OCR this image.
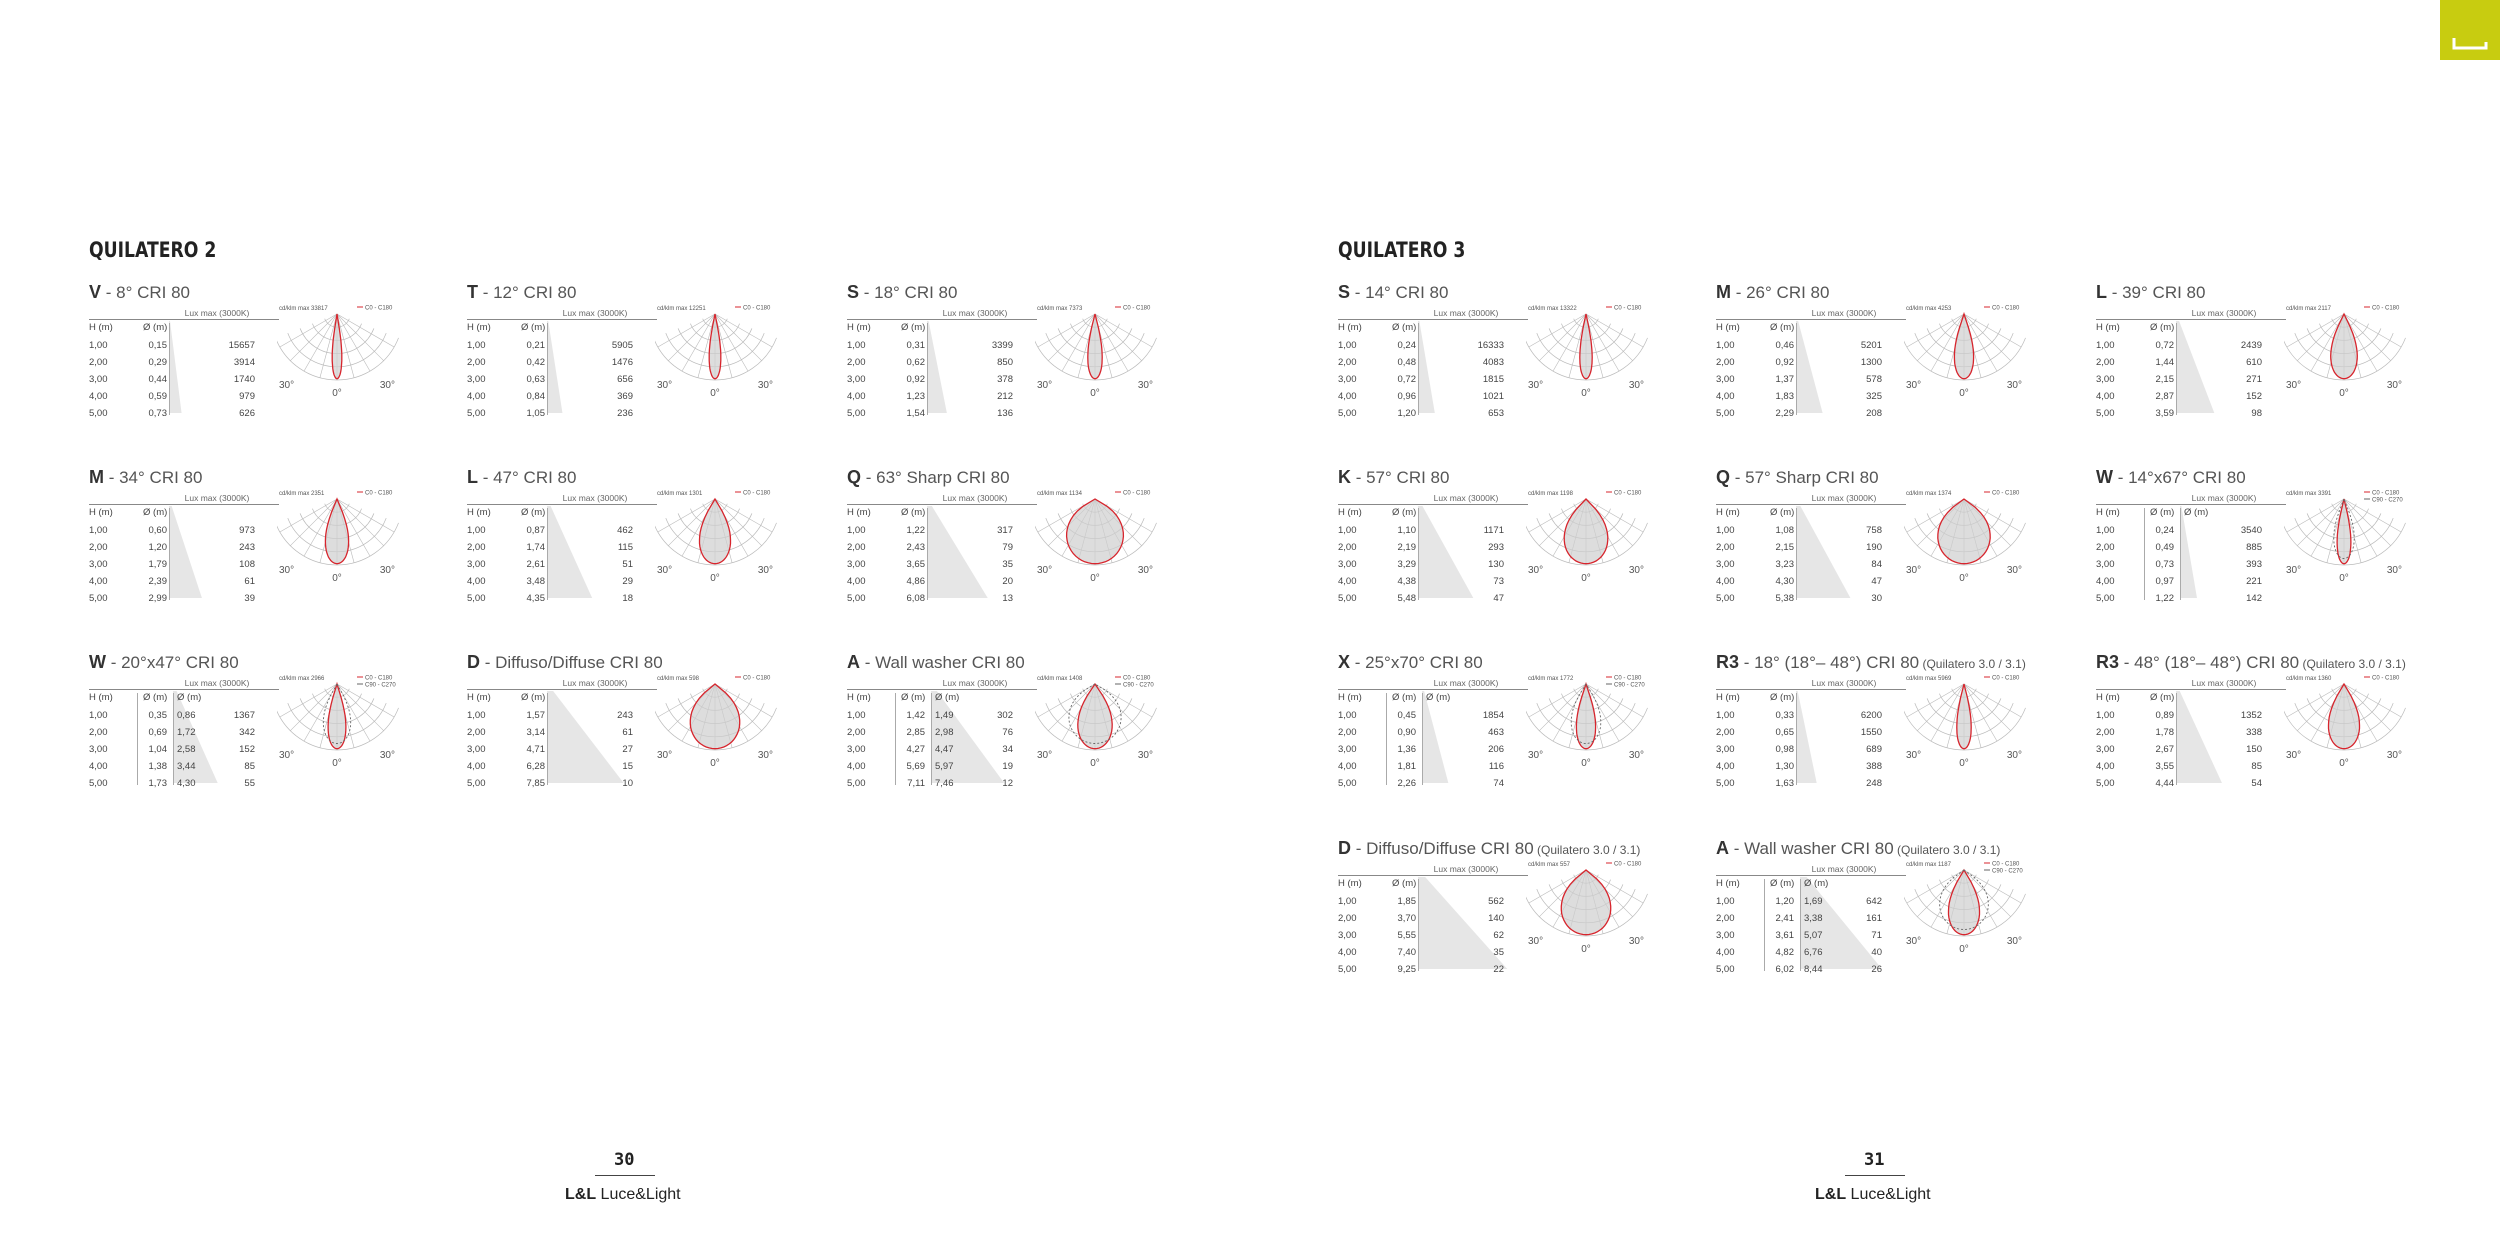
QUILATERO 2	QUILATERO 3
V - 8° CRI 80
Lux max (3000K)
H (m)	Ø (m)
1,00	0,15	15657
2,00	0,29	3914
3,00	0,44	1740
4,00	0,59	979
5,00	0,73	626
30°	30°
0°
cd/klm max 33817	C0 - C180
T - 12° CRI 80
Lux max (3000K)
H (m)	Ø (m)
1,00	0,21	5905
2,00	0,42	1476
3,00	0,63	656
4,00	0,84	369
5,00	1,05	236
30°	30°
0°
cd/klm max 12251	C0 - C180
S - 18° CRI 80
Lux max (3000K)
H (m)	Ø (m)
1,00	0,31	3399
2,00	0,62	850
3,00	0,92	378
4,00	1,23	212
5,00	1,54	136
30°	30°
0°
cd/klm max 7373	C0 - C180
M - 34° CRI 80
Lux max (3000K)
H (m)	Ø (m)
1,00	0,60	973
2,00	1,20	243
3,00	1,79	108
4,00	2,39	61
5,00	2,99	39
30°	30°
0°
cd/klm max 2351	C0 - C180
L - 47° CRI 80
Lux max (3000K)
H (m)	Ø (m)
1,00	0,87	462
2,00	1,74	115
3,00	2,61	51
4,00	3,48	29
5,00	4,35	18
30°	30°
0°
cd/klm max 1301	C0 - C180
Q - 63° Sharp CRI 80
Lux max (3000K)
H (m)	Ø (m)
1,00	1,22	317
2,00	2,43	79
3,00	3,65	35
4,00	4,86	20
5,00	6,08	13
30°	30°
0°
cd/klm max 1134	C0 - C180
W - 20°x47° CRI 80
Lux max (3000K)
H (m)	Ø (m) Ø (m)
1,00	0,35 0,86	1367
2,00	0,69 1,72	342
3,00	1,04 2,58	152
4,00	1,38 3,44	85
5,00	1,73 4,30	55
30°	30°
0°
cd/klm max 2966	C0 - C180
C90 - C270
D - Diffuso/Diffuse CRI 80
Lux max (3000K)
H (m)	Ø (m)
1,00	1,57	243
2,00	3,14	61
3,00	4,71	27
4,00	6,28	15
5,00	7,85	10
30°	30°
0°
cd/klm max 598	C0 - C180
A - Wall washer CRI 80
Lux max (3000K)
H (m)	Ø (m) Ø (m)
1,00	1,42 1,49	302
2,00	2,85 2,98	76
3,00	4,27 4,47	34
4,00	5,69 5,97	19
5,00	7,11 7,46	12
30°	30°
0°
cd/klm max 1408	C0 - C180
C90 - C270
S - 14° CRI 80
Lux max (3000K)
H (m)	Ø (m)
1,00	0,24	16333
2,00	0,48	4083
3,00	0,72	1815
4,00	0,96	1021
5,00	1,20	653
30°	30°
0°
cd/klm max 13322	C0 - C180
M - 26° CRI 80
Lux max (3000K)
H (m)	Ø (m)
1,00	0,46	5201
2,00	0,92	1300
3,00	1,37	578
4,00	1,83	325
5,00	2,29	208
30°	30°
0°
cd/klm max 4253	C0 - C180
L - 39° CRI 80
Lux max (3000K)
H (m)	Ø (m)
1,00	0,72	2439
2,00	1,44	610
3,00	2,15	271
4,00	2,87	152
5,00	3,59	98
30°	30°
0°
cd/klm max 2117	C0 - C180
K - 57° CRI 80
Lux max (3000K)
H (m)	Ø (m)
1,00	1,10	1171
2,00	2,19	293
3,00	3,29	130
4,00	4,38	73
5,00	5,48	47
30°	30°
0°
cd/klm max 1198	C0 - C180
Q - 57° Sharp CRI 80
Lux max (3000K)
H (m)	Ø (m)
1,00	1,08	758
2,00	2,15	190
3,00	3,23	84
4,00	4,30	47
5,00	5,38	30
30°	30°
0°
cd/klm max 1374	C0 - C180
W - 14°x67° CRI 80
Lux max (3000K)
H (m)	Ø (m) Ø (m)
1,00	0,24	3540
2,00	0,49	885
3,00	0,73	393
4,00	0,97	221
5,00	1,22	142
30°	30°
0°
cd/klm max 3391	C0 - C180
C90 - C270
X - 25°x70° CRI 80
Lux max (3000K)
H (m)	Ø (m) Ø (m)
1,00	0,45	1854
2,00	0,90	463
3,00	1,36	206
4,00	1,81	116
5,00	2,26	74
30°	30°
0°
cd/klm max 1772	C0 - C180
C90 - C270
R3 - 18° (18°– 48°) CRI 80 (Quilatero 3.0 / 3.1)
Lux max (3000K)
H (m)	Ø (m)
1,00	0,33	6200
2,00	0,65	1550
3,00	0,98	689
4,00	1,30	388
5,00	1,63	248
30°	30°
0°
cd/klm max 5969	C0 - C180
R3 - 48° (18°– 48°) CRI 80 (Quilatero 3.0 / 3.1)
Lux max (3000K)
H (m)	Ø (m)
1,00	0,89	1352
2,00	1,78	338
3,00	2,67	150
4,00	3,55	85
5,00	4,44	54
30°	30°
0°
cd/klm max 1360	C0 - C180
D - Diffuso/Diffuse CRI 80 (Quilatero 3.0 / 3.1)
Lux max (3000K)
H (m)	Ø (m)
1,00	1,85	562
2,00	3,70	140
3,00	5,55	62
4,00	7,40	35
5,00	9,25	22
30°	30°
0°
cd/klm max 557	C0 - C180
A - Wall washer CRI 80 (Quilatero 3.0 / 3.1)
Lux max (3000K)
H (m)	Ø (m) Ø (m)
1,00	1,20 1,69	642
2,00	2,41 3,38	161
3,00	3,61 5,07	71
4,00	4,82 6,76	40
5,00	6,02 8,44	26
30°	30°
0°
cd/klm max 1187	C0 - C180
C90 - C270
30
L&L Luce&Light
31
L&L Luce&Light
